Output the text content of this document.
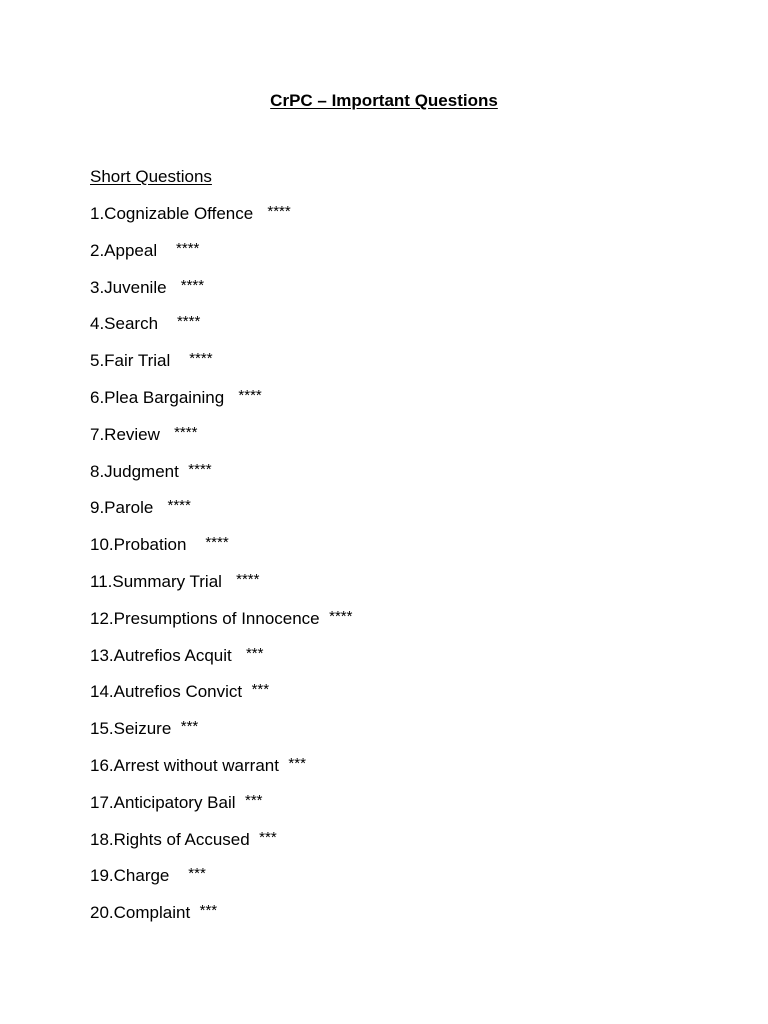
CrPC – Important Questions
Short Questions
1.Cognizable Offence ****
2.Appeal ****
3.Juvenile ****
4.Search ****
5.Fair Trial ****
6.Plea Bargaining ****
7.Review ****
8.Judgment ****
9.Parole ****
10.Probation ****
11.Summary Trial ****
12.Presumptions of Innocence ****
13.Autrefios Acquit ***
14.Autrefios Convict ***
15.Seizure ***
16.Arrest without warrant ***
17.Anticipatory Bail ***
18.Rights of Accused ***
19.Charge ***
20.Complaint ***
